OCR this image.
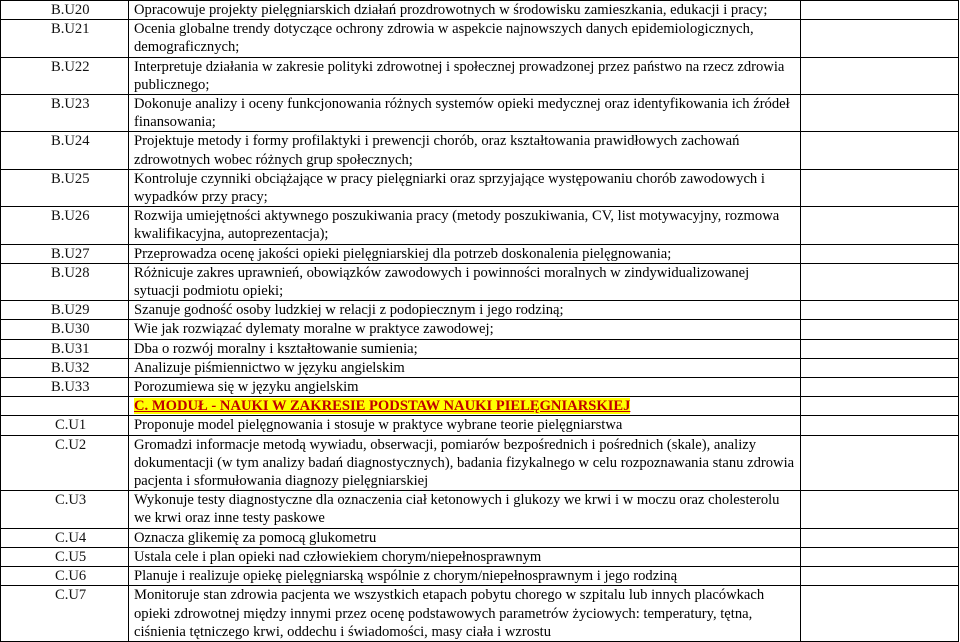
B.U20	Opracowuje projekty pielęgniarskich działań prozdrowotnych w środowisku zamieszkania, edukacji i pracy;	
B.U21	Ocenia globalne trendy dotyczące ochrony zdrowia w aspekcie najnowszych danych epidemiologicznych, demograficznych;	
B.U22	Interpretuje działania w zakresie polityki zdrowotnej i społecznej prowadzonej przez państwo na rzecz zdrowia publicznego;	
B.U23	Dokonuje analizy i oceny funkcjonowania różnych systemów opieki medycznej oraz identyfikowania ich źródeł finansowania;	
B.U24	Projektuje metody i formy profilaktyki i prewencji chorób, oraz kształtowania prawidłowych zachowań zdrowotnych wobec różnych grup społecznych;	
B.U25	Kontroluje czynniki obciążające w pracy pielęgniarki oraz sprzyjające występowaniu chorób zawodowych i wypadków przy pracy;	
B.U26	Rozwija umiejętności aktywnego poszukiwania pracy (metody poszukiwania, CV, list motywacyjny, rozmowa kwalifikacyjna, autoprezentacja);	
B.U27	Przeprowadza ocenę jakości opieki pielęgniarskiej dla potrzeb doskonalenia pielęgnowania;	
B.U28	Różnicuje zakres uprawnień, obowiązków zawodowych i powinności moralnych w zindywidualizowanej sytuacji podmiotu opieki;	
B.U29	Szanuje godność osoby ludzkiej w relacji z podopiecznym i jego rodziną;	
B.U30	Wie jak rozwiązać dylematy moralne w praktyce zawodowej;	
B.U31	Dba o rozwój moralny i kształtowanie sumienia;	
B.U32	Analizuje piśmiennictwo w języku angielskim	
B.U33	Porozumiewa się w języku angielskim	
	C. MODUŁ - NAUKI W ZAKRESIE PODSTAW NAUKI PIELĘGNIARSKIEJ	
C.U1	Proponuje model pielęgnowania i stosuje w praktyce wybrane teorie pielęgniarstwa	
C.U2	Gromadzi informacje metodą wywiadu, obserwacji, pomiarów bezpośrednich i pośrednich (skale), analizy dokumentacji (w tym analizy badań diagnostycznych), badania fizykalnego w celu rozpoznawania stanu zdrowia pacjenta i sformułowania diagnozy pielęgniarskiej	
C.U3	Wykonuje testy diagnostyczne dla oznaczenia ciał ketonowych i glukozy we krwi i w moczu oraz cholesterolu we krwi oraz inne testy paskowe	
C.U4	Oznacza glikemię za pomocą glukometru	
C.U5	Ustala cele i plan opieki nad człowiekiem chorym/niepełnosprawnym	
C.U6	Planuje i realizuje opiekę pielęgniarską wspólnie z chorym/niepełnosprawnym i jego rodziną	
C.U7	Monitoruje stan zdrowia pacjenta we wszystkich etapach pobytu chorego w szpitalu lub innych placówkach opieki zdrowotnej między innymi przez ocenę podstawowych parametrów życiowych: temperatury, tętna, ciśnienia tętniczego krwi, oddechu i świadomości, masy ciała i wzrostu	
